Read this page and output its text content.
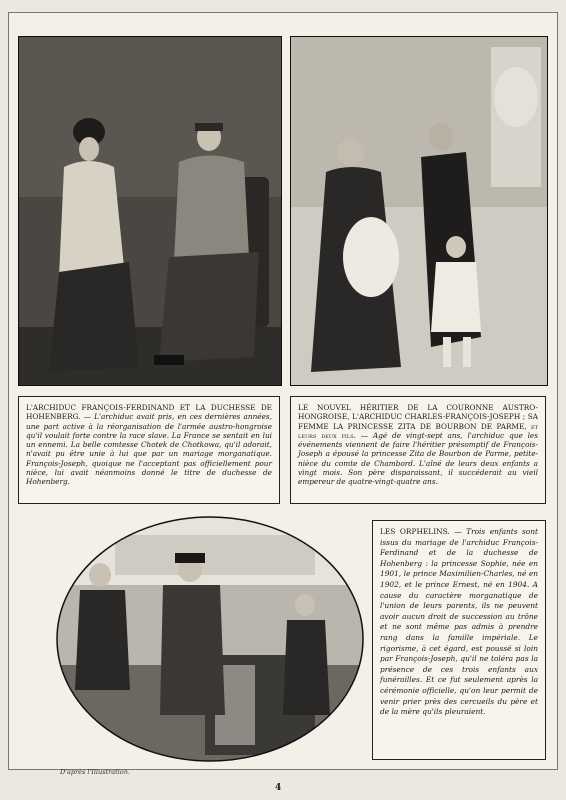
L'ARCHIDUC FRANÇOIS-FERDINAND ET LA DUCHESSE DE HOHENBERG. — L'archiduc avait pris, en ces dernières années, une part active à la réorganisation de l'armée austro-hongroise qu'il voulait forte contre la race slave. La France se sentait en lui un ennemi. La belle comtesse Chotek de Chotkowa, qu'il adorait, n'avait pu être unie à lui que par un mariage morganatique. François-Joseph, quoique ne l'acceptant pas officiellement pour nièce, lui avait néanmoins donné le titre de duchesse de Hohenberg.
LE NOUVEL HÉRITIER DE LA COURONNE AUSTRO-HONGROISE, L'ARCHIDUC CHARLES-FRANÇOIS-JOSEPH ; SA FEMME LA PRINCESSE ZITA DE BOURBON DE PARME, et leurs deux fils. — Agé de vingt-sept ans, l'archiduc que les événements viennent de faire l'héritier présomptif de François-Joseph a épousé la princesse Zita de Bourbon de Parme, petite-nièce du comte de Chambord. L'aîné de leurs deux enfants a vingt mois. Son père disparaissant, il succéderait au vieil empereur de quatre-vingt-quatre ans.
LES ORPHELINS. — Trois enfants sont issus du mariage de l'archiduc François-Ferdinand et de la duchesse de Hohenberg : la princesse Sophie, née en 1901, le prince Maximilien-Charles, né en 1902, et le prince Ernest, né en 1904. A cause du caractère morganatique de l'union de leurs parents, ils ne peuvent avoir aucun droit de succession au trône et ne sont même pas admis à prendre rang dans la famille impériale. Le rigorisme, à cet égard, est poussé si loin par François-Joseph, qu'il ne toléra pas la présence de ces trois enfants aux funérailles. Et ce fut seulement après la cérémonie officielle, qu'on leur permit de venir prier près des cercueils du père et de la mère qu'ils pleuraient.
D'après l'Illustration.
4
